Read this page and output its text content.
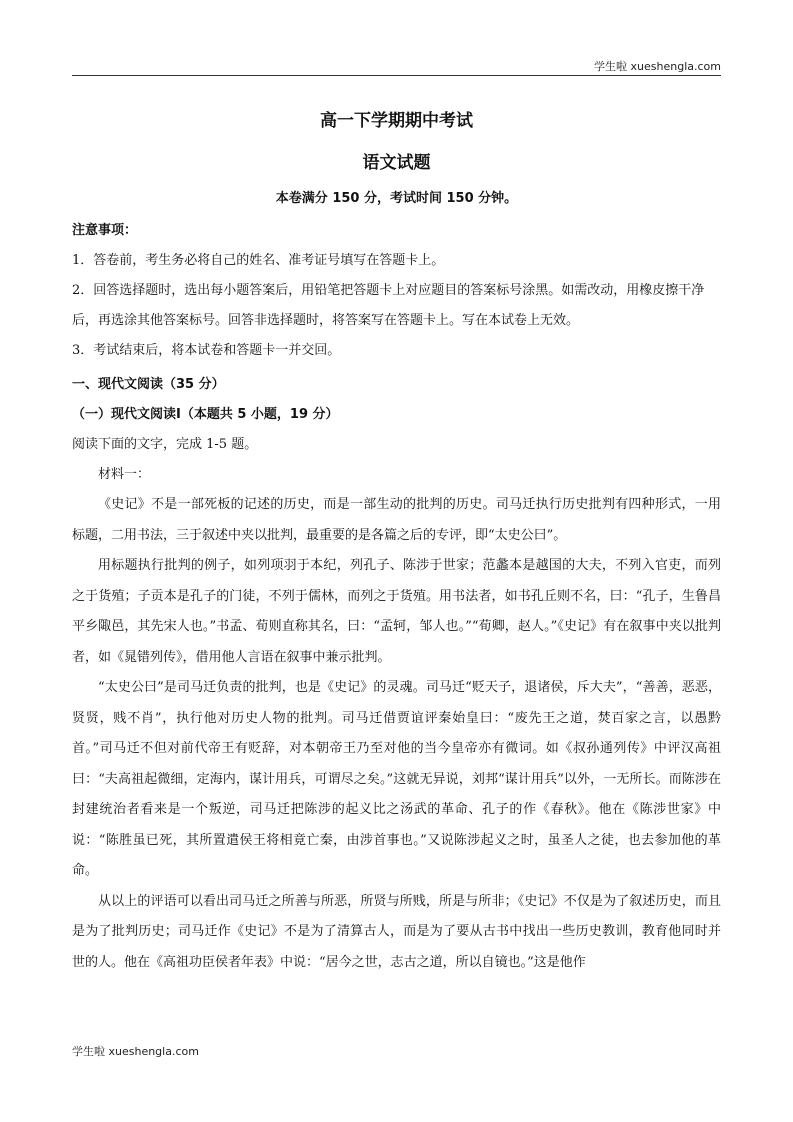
学生啦 xueshengla.com
高一下学期期中考试
语文试题
本卷满分 150 分，考试时间 150 分钟。
注意事项：
1．答卷前，考生务必将自己的姓名、准考证号填写在答题卡上。
2．回答选择题时，选出每小题答案后，用铅笔把答题卡上对应题目的答案标号涂黑。如需改动，用橡皮擦干净后，再选涂其他答案标号。回答非选择题时，将答案写在答题卡上。写在本试卷上无效。
3．考试结束后，将本试卷和答题卡一并交回。
一、现代文阅读（35 分）
（一）现代文阅读Ⅰ（本题共 5 小题，19 分）
阅读下面的文字，完成 1-5 题。
材料一：

《史记》不是一部死板的记述的历史，而是一部生动的批判的历史。司马迁执行历史批判有四种形式，一用标题，二用书法，三于叙述中夹以批判，最重要的是各篇之后的专评，即“太史公曰”。

用标题执行批判的例子，如列项羽于本纪，列孔子、陈涉于世家；范蠡本是越国的大夫，不列入官吏，而列之于货殖；子贡本是孔子的门徒，不列于儒林，而列之于货殖。用书法者，如书孔丘则不名，曰：“孔子，生鲁昌平乡陬邑，其先宋人也。”书孟、荀则直称其名，曰：“孟轲，邹人也。”“荀卿，赵人。”《史记》有在叙事中夹以批判者，如《晁错列传》，借用他人言语在叙事中兼示批判。

“太史公曰”是司马迁负责的批判，也是《史记》的灵魂。司马迁“贬天子，退诸侯，斥大夫”，“善善，恶恶，贤贤，贱不肖”，执行他对历史人物的批判。司马迁借贾谊评秦始皇曰：“废先王之道，焚百家之言，以愚黔首。”司马迁不但对前代帝王有贬辞，对本朝帝王乃至对他的当今皇帝亦有微词。如《叔孙通列传》中评汉高祖曰：“夫高祖起微细，定海内，谋计用兵，可谓尽之矣。”这就无异说，刘邦“谋计用兵”以外，一无所长。而陈涉在封建统治者看来是一个叛逆，司马迁把陈涉的起义比之汤武的革命、孔子的作《春秋》。他在《陈涉世家》中说：“陈胜虽已死，其所置遣侯王将相竟亡秦，由涉首事也。”又说陈涉起义之时，虽圣人之徒，也去参加他的革命。

从以上的评语可以看出司马迁之所善与所恶，所贤与所贱，所是与所非；《史记》不仅是为了叙述历史，而且是为了批判历史；司马迁作《史记》不是为了清算古人，而是为了要从古书中找出一些历史教训，教育他同时并世的人。他在《高祖功臣侯者年表》中说：“居今之世，志古之道，所以自镜也。”这是他作

学生啦 xueshengla.com
